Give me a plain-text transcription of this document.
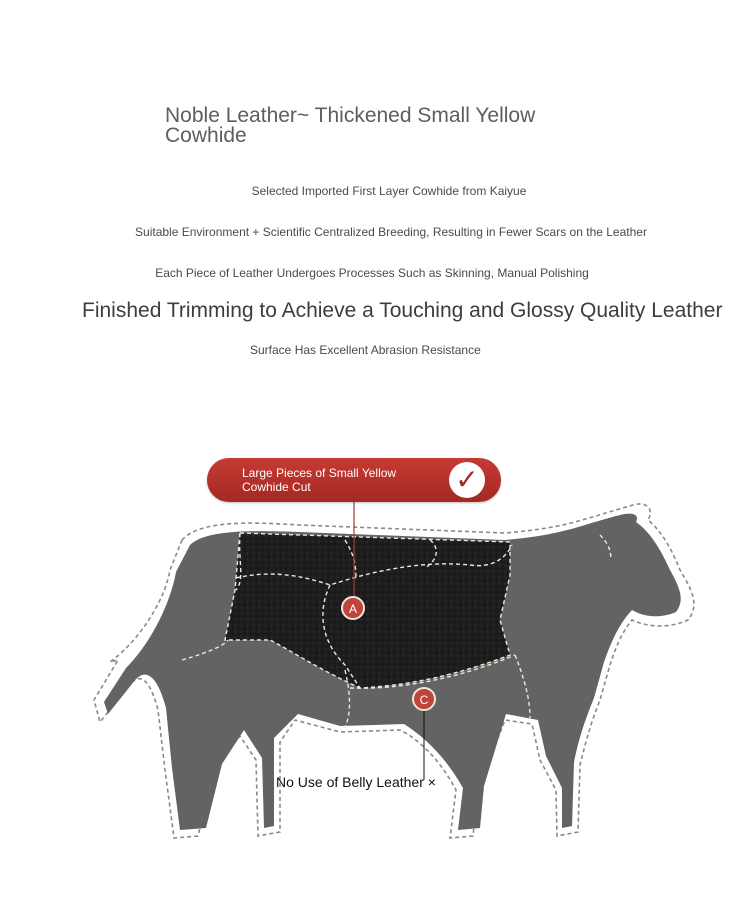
Noble Leather~ Thickened Small Yellow Cowhide
Selected Imported First Layer Cowhide from Kaiyue
Suitable Environment + Scientific Centralized Breeding, Resulting in Fewer Scars on the Leather
Each Piece of Leather Undergoes Processes Such as Skinning, Manual Polishing
Finished Trimming to Achieve a Touching and Glossy Quality Leather
Surface Has Excellent Abrasion Resistance
A
C
Large Pieces of Small Yellow Cowhide Cut	✓
No Use of Belly Leather ×
